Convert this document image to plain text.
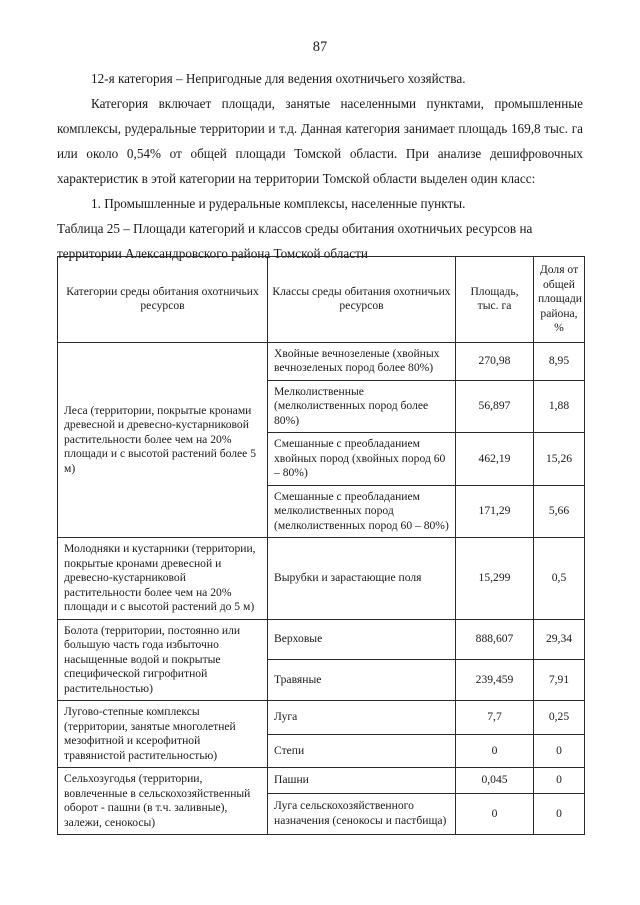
87

12-я категория – Непригодные для ведения охотничьего хозяйства.

Категория включает площади, занятые населенными пунктами, промышленные комплексы, рудеральные территории и т.д. Данная категория занимает площадь 169,8 тыс. га или около 0,54% от общей площади Томской области. При анализе дешифровочных характеристик в этой категории на территории Томской области выделен один класс:

1. Промышленные и рудеральные комплексы, населенные пункты.

Таблица 25 – Площади категорий и классов среды обитания охотничьих ресурсов на территории Александровского района Томской области
Категории среды обитания охотничьих ресурсов	Классы среды обитания охотничьих ресурсов	Площадь, тыс. га	Доля от общей площади района, %
Леса (территории, покрытые кронами древесной и древесно-кустарниковой растительности более чем на 20% площади и с высотой растений более 5 м)	Хвойные вечнозеленые (хвойных вечнозеленых пород более 80%)	270,98	8,95
	Мелколиственные (мелколиственных пород более 80%)	56,897	1,88
	Смешанные с преобладанием хвойных пород (хвойных пород 60 – 80%)	462,19	15,26
	Смешанные с преобладанием мелколиственных пород (мелколиственных пород 60 – 80%)	171,29	5,66
Молодняки и кустарники (территории, покрытые кронами древесной и древесно-кустарниковой растительности более чем на 20% площади и с высотой растений до 5 м)	Вырубки и зарастающие поля	15,299	0,5
Болота (территории, постоянно или большую часть года избыточно насыщенные водой и покрытые специфической гигрофитной растительностью)	Верховые	888,607	29,34
	Травяные	239,459	7,91
Лугово-степные комплексы (территории, занятые многолетней мезофитной и ксерофитной травянистой растительностью)	Луга	7,7	0,25
	Степи	0	0
Сельхозугодья (территории, вовлеченные в сельскохозяйственный оборот - пашни (в т.ч. заливные), залежи, сенокосы)	Пашни	0,045	0
	Луга сельскохозяйственного назначения (сенокосы и пастбища)	0	0
